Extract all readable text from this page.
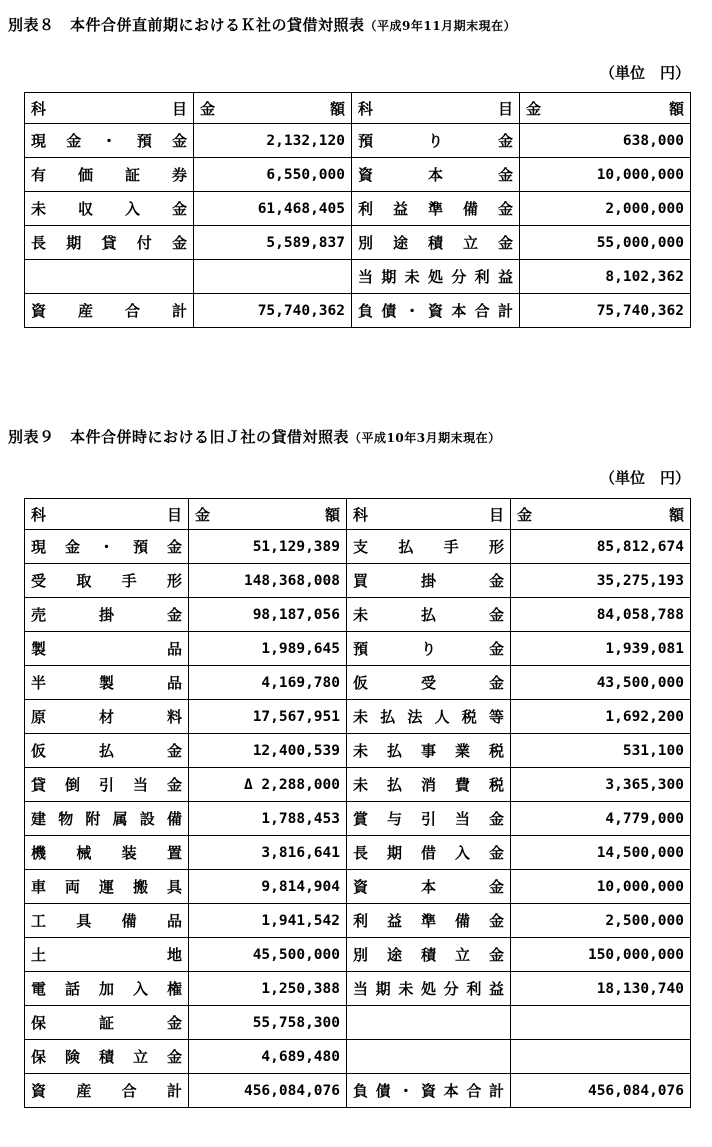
別表８　本件合併直前期におけるＫ社の貸借対照表（平成9年11月期末現在）
（単位　円）
科 目	金 額	科 目	金 額

現金・預金	2,132,120	預り金	638,000
有価証券	6,550,000	資本金	10,000,000
未収入金	61,468,405	利益準備金	2,000,000
長期貸付金	5,589,837	別途積立金	55,000,000
		当期未処分利益	8,102,362
資産合計	75,740,362	負債・資本合計	75,740,362
別表９　本件合併時における旧Ｊ社の貸借対照表（平成10年3月期末現在）
（単位　円）
科 目	金 額	科 目	金 額

現金・預金	51,129,389	支払手形	85,812,674
受取手形	148,368,008	買掛金	35,275,193
売掛金	98,187,056	未払金	84,058,788
製品	1,989,645	預り金	1,939,081
半製品	4,169,780	仮受金	43,500,000
原材料	17,567,951	未払法人税等	1,692,200
仮払金	12,400,539	未払事業税	531,100
貸倒引当金	Δ 2,288,000	未払消費税	3,365,300
建物附属設備	1,788,453	賞与引当金	4,779,000
機械装置	3,816,641	長期借入金	14,500,000
車両運搬具	9,814,904	資本金	10,000,000
工具備品	1,941,542	利益準備金	2,500,000
土地	45,500,000	別途積立金	150,000,000
電話加入権	1,250,388	当期未処分利益	18,130,740
保証金	55,758,300		
保険積立金	4,689,480		
資産合計	456,084,076	負債・資本合計	456,084,076
